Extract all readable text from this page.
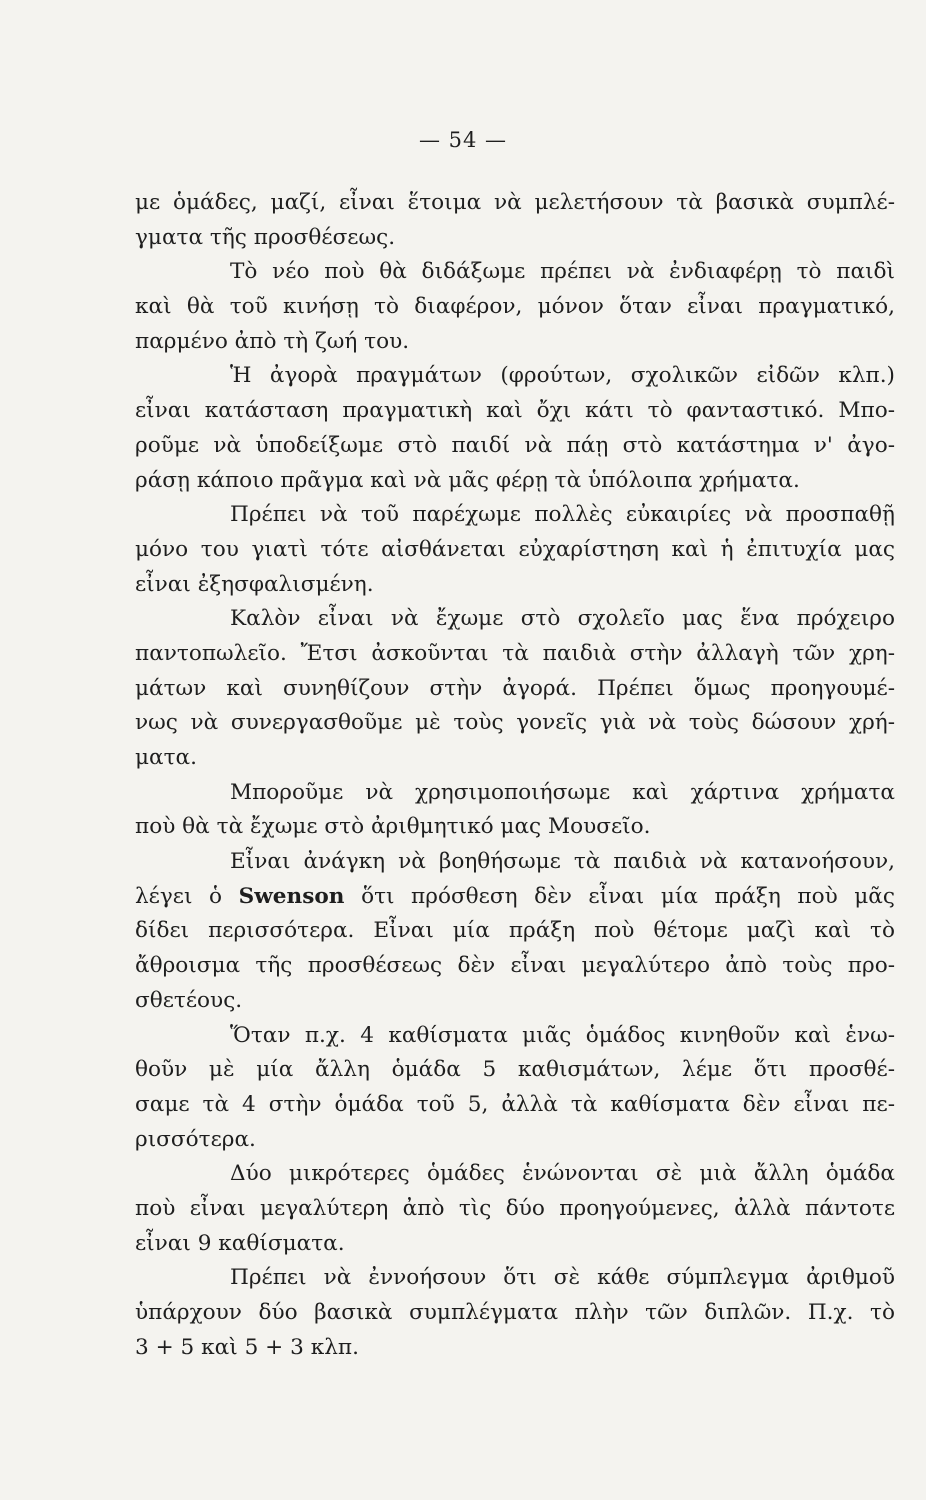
— 54 —
με ὁμάδες, μαζί, εἶναι ἕτοιμα νὰ μελετήσουν τὰ βασικὰ συμπλέ-
γματα τῆς προσθέσεως.
Τὸ νέο ποὺ θὰ διδάξωμε πρέπει νὰ ἐνδιαφέρῃ τὸ παιδὶ
καὶ θὰ τοῦ κινήσῃ τὸ διαφέρον, μόνον ὅταν εἶναι πραγματικό,
παρμένο ἀπὸ τὴ ζωή του.
Ἡ ἀγορὰ πραγμάτων (φρούτων, σχολικῶν εἰδῶν κλπ.)
εἶναι κατάσταση πραγματικὴ καὶ ὄχι κάτι τὸ φανταστικό. Μπο-
ροῦμε νὰ ὑποδείξωμε στὸ παιδί νὰ πάῃ στὸ κατάστημα ν' ἀγο-
ράσῃ κάποιο πρᾶγμα καὶ νὰ μᾶς φέρῃ τὰ ὑπόλοιπα χρήματα.
Πρέπει νὰ τοῦ παρέχωμε πολλὲς εὐκαιρίες νὰ προσπαθῇ
μόνο του γιατὶ τότε αἰσθάνεται εὐχαρίστηση καὶ ἡ ἐπιτυχία μας
εἶναι ἐξησφαλισμένη.
Καλὸν εἶναι νὰ ἔχωμε στὸ σχολεῖο μας ἕνα πρόχειρο
παντοπωλεῖο. Ἔτσι ἀσκοῦνται τὰ παιδιὰ στὴν ἀλλαγὴ τῶν χρη-
μάτων καὶ συνηθίζουν στὴν ἀγορά. Πρέπει ὅμως προηγουμέ-
νως νὰ συνεργασθοῦμε μὲ τοὺς γονεῖς γιὰ νὰ τοὺς δώσουν χρή-
ματα.
Μποροῦμε νὰ χρησιμοποιήσωμε καὶ χάρτινα χρήματα
ποὺ θὰ τὰ ἔχωμε στὸ ἀριθμητικό μας Μουσεῖο.
Εἶναι ἀνάγκη νὰ βοηθήσωμε τὰ παιδιὰ νὰ κατανοήσουν,
λέγει ὁ Swenson ὅτι πρόσθεση δὲν εἶναι μία πράξη ποὺ μᾶς
δίδει περισσότερα. Εἶναι μία πράξη ποὺ θέτομε μαζὶ καὶ τὸ
ἄθροισμα τῆς προσθέσεως δὲν εἶναι μεγαλύτερο ἀπὸ τοὺς προ-
σθετέους.
Ὅταν π.χ. 4 καθίσματα μιᾶς ὁμάδος κινηθοῦν καὶ ἑνω-
θοῦν μὲ μία ἄλλη ὁμάδα 5 καθισμάτων, λέμε ὅτι προσθέ-
σαμε τὰ 4 στὴν ὁμάδα τοῦ 5, ἀλλὰ τὰ καθίσματα δὲν εἶναι πε-
ρισσότερα.
Δύο μικρότερες ὁμάδες ἑνώνονται σὲ μιὰ ἄλλη ὁμάδα
ποὺ εἶναι μεγαλύτερη ἀπὸ τὶς δύο προηγούμενες, ἀλλὰ πάντοτε
εἶναι 9 καθίσματα.
Πρέπει νὰ ἐννοήσουν ὅτι σὲ κάθε σύμπλεγμα ἀριθμοῦ
ὑπάρχουν δύο βασικὰ συμπλέγματα πλὴν τῶν διπλῶν. Π.χ. τὸ
3 + 5 καὶ 5 + 3 κλπ.
